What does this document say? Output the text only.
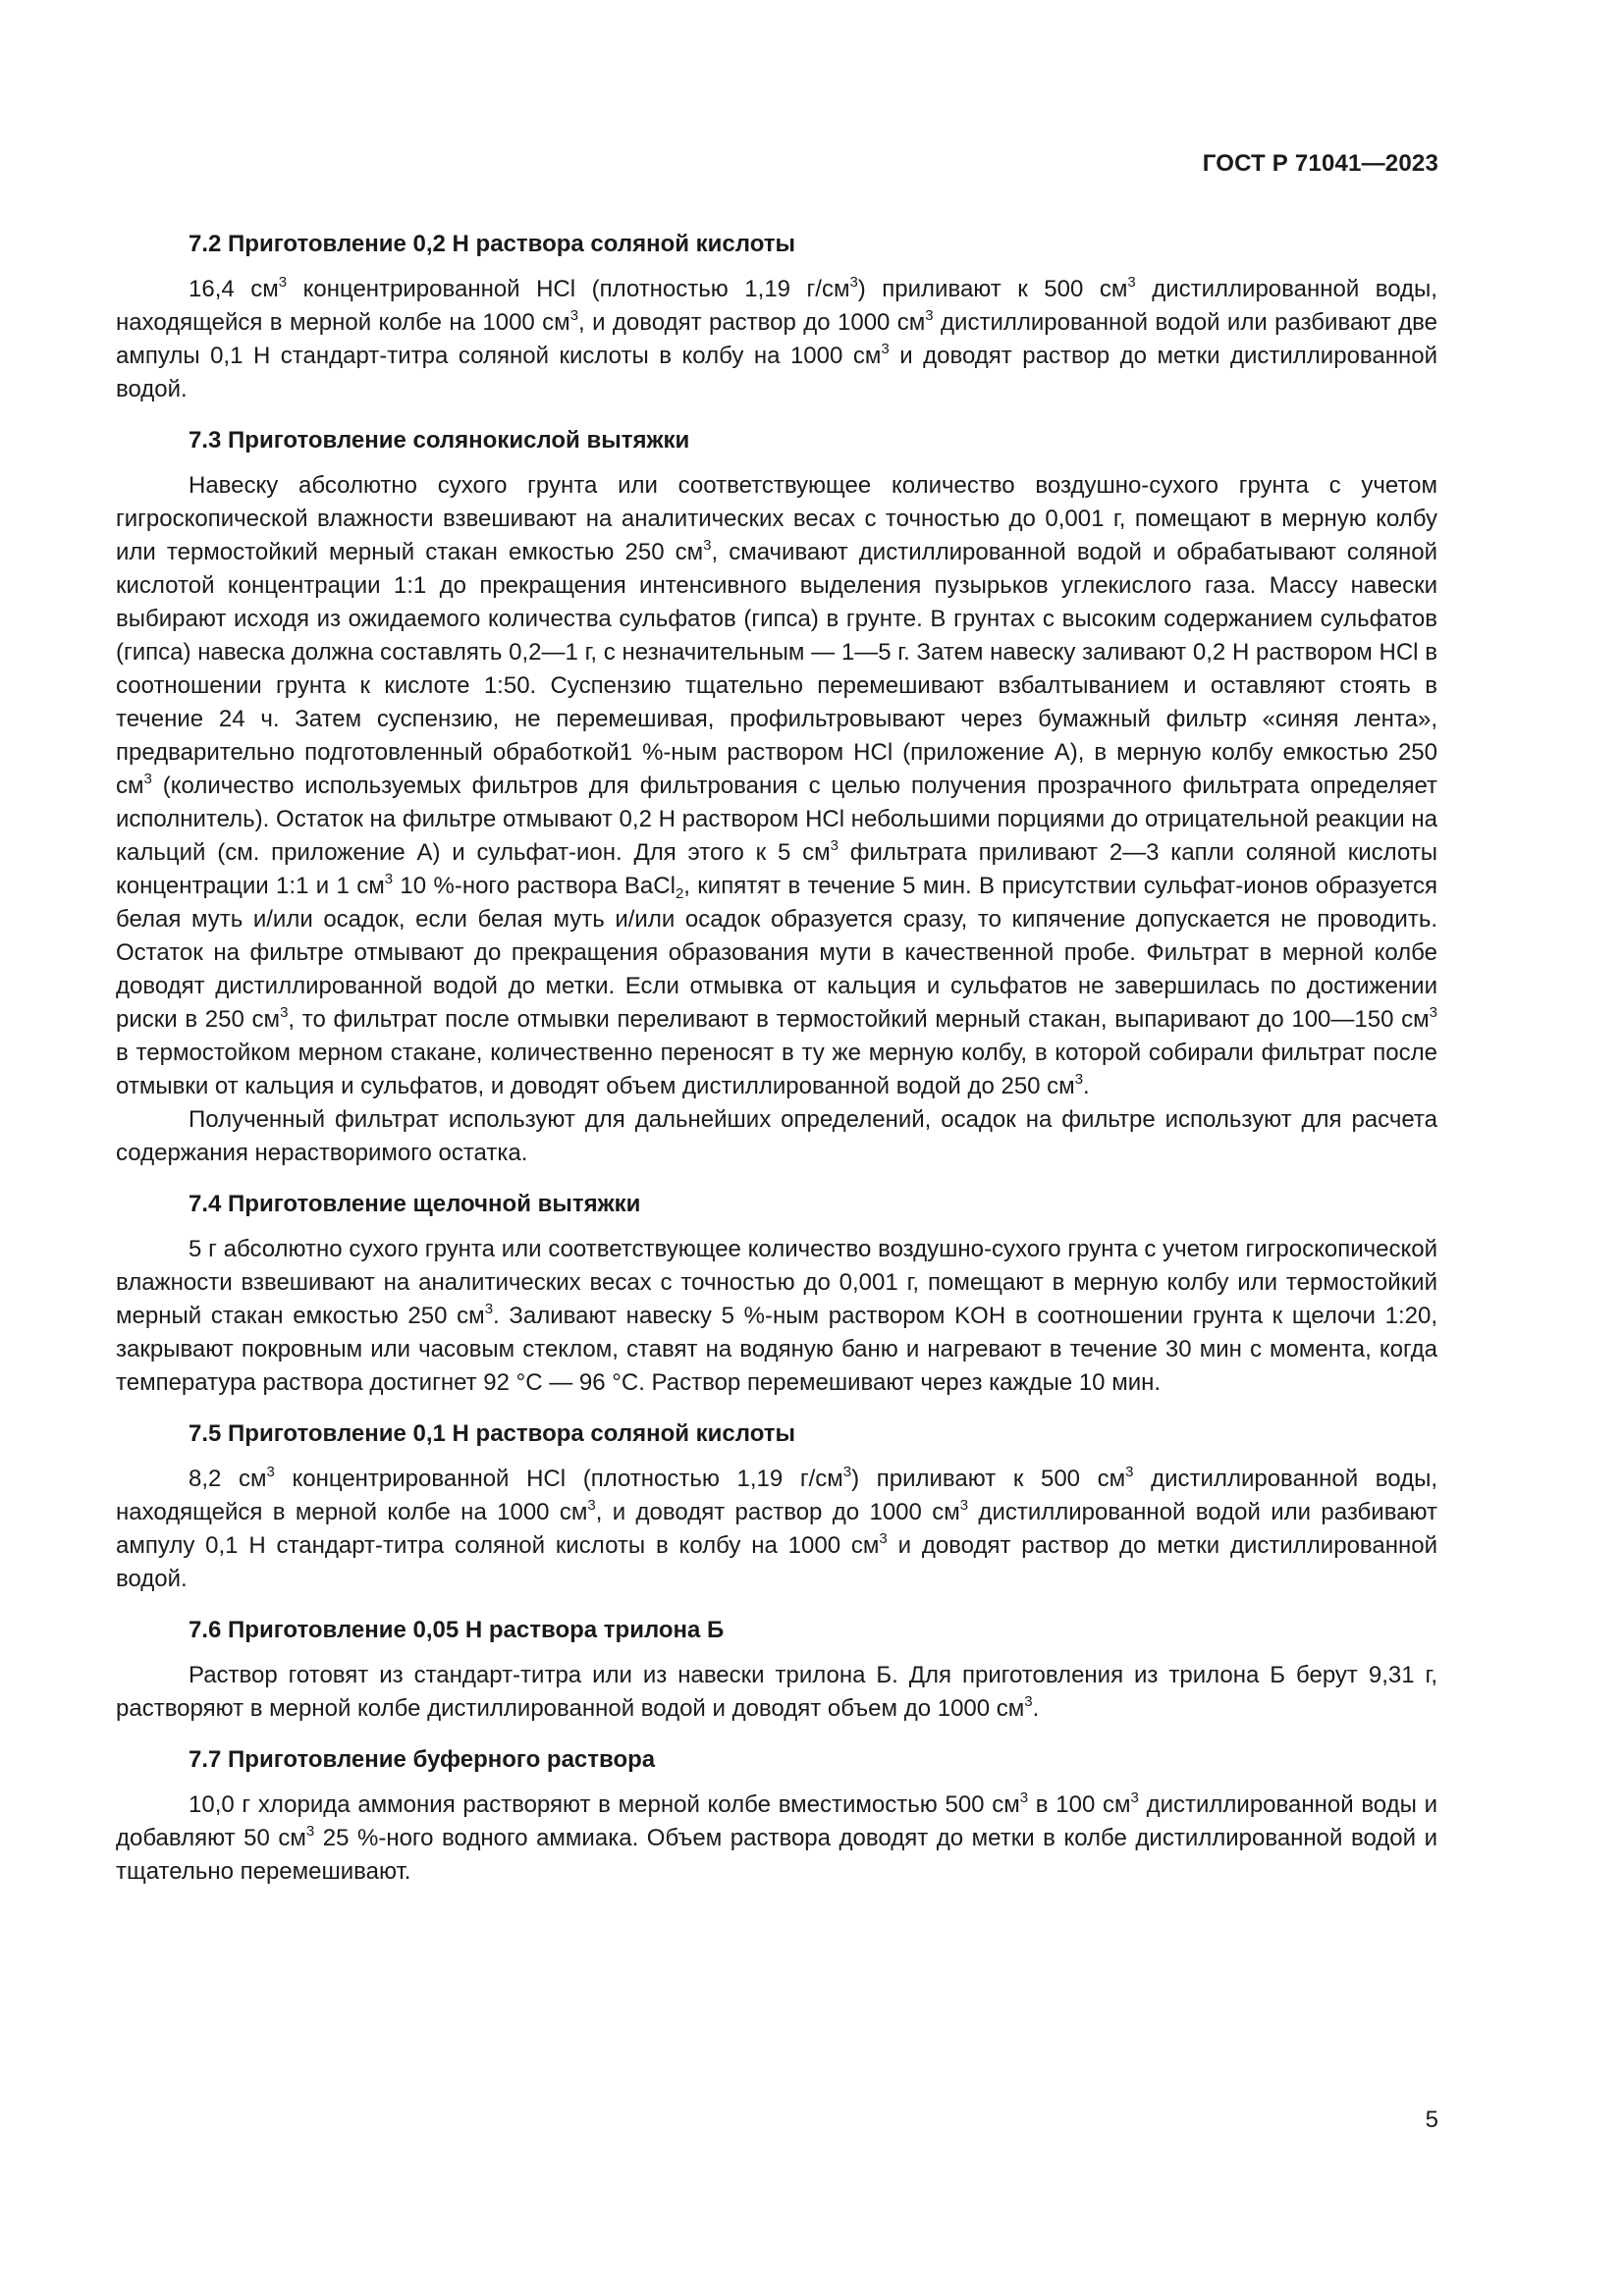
ГОСТ Р 71041—2023
7.2 Приготовление 0,2 Н раствора соляной кислоты

16,4 $см^3$ концентрированной HCl (плотностью 1,19 $г/см^3$) приливают к 500 $см^3$ дистиллированной воды, находящейся в мерной колбе на 1000 $см^3$, и доводят раствор до 1000 $см^3$ дистиллированной водой или разбивают две ампулы 0,1 Н стандарт-титра соляной кислоты в колбу на 1000 $см^3$ и доводят раствор до метки дистиллированной водой.

7.3 Приготовление солянокислой вытяжки

Навеску абсолютно сухого грунта или соответствующее количество воздушно-сухого грунта с учетом гигроскопической влажности взвешивают на аналитических весах с точностью до 0,001 г, помещают в мерную колбу или термостойкий мерный стакан емкостью 250 $см^3$, смачивают дистиллированной водой и обрабатывают соляной кислотой концентрации 1:1 до прекращения интенсивного выделения пузырьков углекислого газа. Массу навески выбирают исходя из ожидаемого количества сульфатов (гипса) в грунте. В грунтах с высоким содержанием сульфатов (гипса) навеска должна составлять 0,2—1 г, с незначительным — 1—5 г. Затем навеску заливают 0,2 Н раствором HCl в соотношении грунта к кислоте 1:50. Суспензию тщательно перемешивают взбалтыванием и оставляют стоять в течение 24 ч. Затем суспензию, не перемешивая, профильтровывают через бумажный фильтр «синяя лента», предварительно подготовленный обработкой1 %-ным раствором HCl (приложение А), в мерную колбу емкостью 250 $см^3$ (количество используемых фильтров для фильтрования с целью получения прозрачного фильтрата определяет исполнитель). Остаток на фильтре отмывают 0,2 Н раствором HCl небольшими порциями до отрицательной реакции на кальций (см. приложение А) и сульфат-ион. Для этого к 5 $см^3$ фильтрата приливают 2—3 капли соляной кислоты концентрации 1:1 и 1 $см^3$ 10 %-ного раствора BaCl$_2$, кипятят в течение 5 мин. В присутствии сульфат-ионов образуется белая муть и/или осадок, если белая муть и/или осадок образуется сразу, то кипячение допускается не проводить. Остаток на фильтре отмывают до прекращения образования мути в качественной пробе. Фильтрат в мерной колбе доводят дистиллированной водой до метки. Если отмывка от кальция и сульфатов не завершилась по достижении риски в 250 $см^3$, то фильтрат после отмывки переливают в термостойкий мерный стакан, выпаривают до 100—150 $см^3$ в термостойком мерном стакане, количественно переносят в ту же мерную колбу, в которой собирали фильтрат после отмывки от кальция и сульфатов, и доводят объем дистиллированной водой до 250 $см^3$.

Полученный фильтрат используют для дальнейших определений, осадок на фильтре используют для расчета содержания нерастворимого остатка.

7.4 Приготовление щелочной вытяжки

5 г абсолютно сухого грунта или соответствующее количество воздушно-сухого грунта с учетом гигроскопической влажности взвешивают на аналитических весах с точностью до 0,001 г, помещают в мерную колбу или термостойкий мерный стакан емкостью 250 $см^3$. Заливают навеску 5 %-ным раствором KOH в соотношении грунта к щелочи 1:20, закрывают покровным или часовым стеклом, ставят на водяную баню и нагревают в течение 30 мин с момента, когда температура раствора достигнет 92 °C — 96 °C. Раствор перемешивают через каждые 10 мин.

7.5 Приготовление 0,1 Н раствора соляной кислоты

8,2 $см^3$ концентрированной HCl (плотностью 1,19 $г/см^3$) приливают к 500 $см^3$ дистиллированной воды, находящейся в мерной колбе на 1000 $см^3$, и доводят раствор до 1000 $см^3$ дистиллированной водой или разбивают ампулу 0,1 Н стандарт-титра соляной кислоты в колбу на 1000 $см^3$ и доводят раствор до метки дистиллированной водой.

7.6 Приготовление 0,05 Н раствора трилона Б

Раствор готовят из стандарт-титра или из навески трилона Б. Для приготовления из трилона Б берут 9,31 г, растворяют в мерной колбе дистиллированной водой и доводят объем до 1000 $см^3$.

7.7 Приготовление буферного раствора

10,0 г хлорида аммония растворяют в мерной колбе вместимостью 500 $см^3$ в 100 $см^3$ дистиллированной воды и добавляют 50 $см^3$ 25 %-ного водного аммиака. Объем раствора доводят до метки в колбе дистиллированной водой и тщательно перемешивают.

5
